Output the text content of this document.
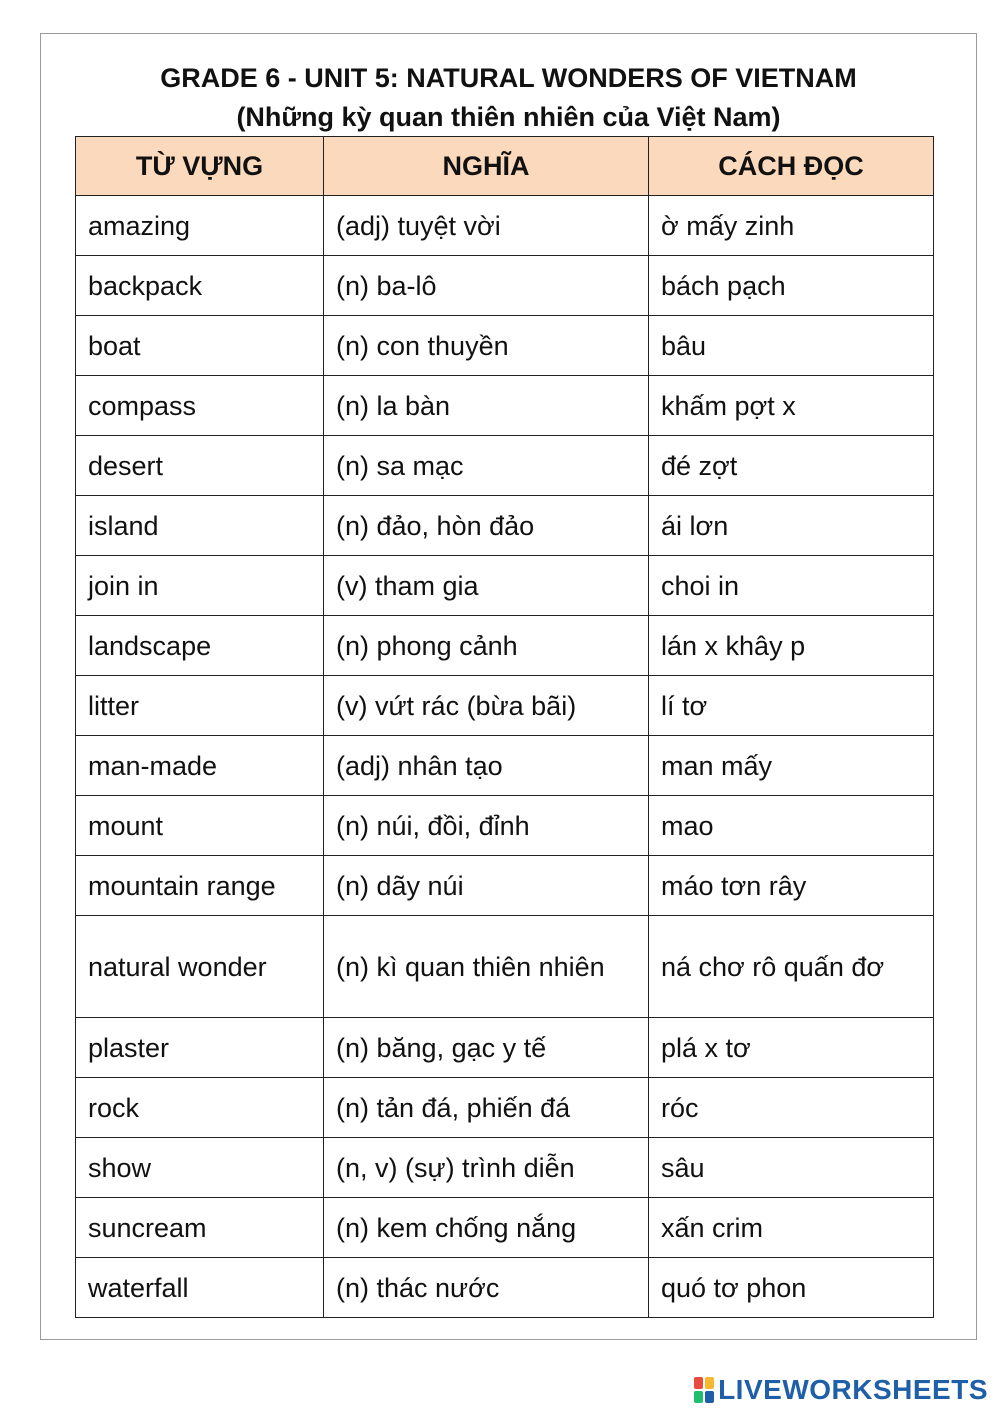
GRADE 6 - UNIT 5: NATURAL WONDERS OF VIETNAM
(Những kỳ quan thiên nhiên của Việt Nam)
TỪ VỰNG	NGHĨA	CÁCH ĐỌC
amazing	(adj) tuyệt vời	ờ mấy zinh
backpack	(n) ba-lô	bách pạch
boat	(n) con thuyền	bâu
compass	(n) la bàn	khấm pợt x
desert	(n) sa mạc	đé zợt
island	(n) đảo, hòn đảo	ái lơn
join in	(v) tham gia	choi in
landscape	(n) phong cảnh	lán x khây p
litter	(v) vứt rác (bừa bãi)	lí tơ
man-made	(adj) nhân tạo	man mấy
mount	(n) núi, đồi, đỉnh	mao
mountain range	(n) dãy núi	máo tơn rây
natural wonder	(n) kì quan thiên nhiên	ná chơ rô quấn đơ
plaster	(n) băng, gạc y tế	plá x tơ
rock	(n) tản đá, phiến đá	róc
show	(n, v) (sự) trình diễn	sâu
suncream	(n) kem chống nắng	xấn crim
waterfall	(n) thác nước	quó tơ phon
LIVEWORKSHEETS
